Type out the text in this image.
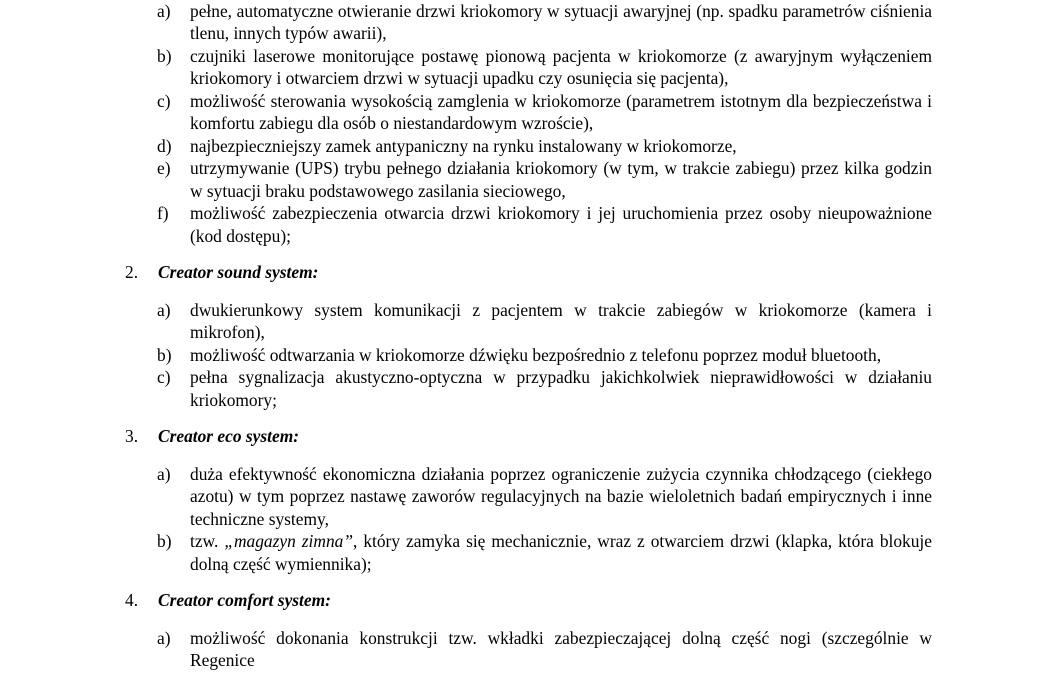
a)	pełne, automatyczne otwieranie drzwi kriokomory w sytuacji awaryjnej (np. spadku parametrów ciśnienia tlenu, innych typów awarii),
b)	czujniki laserowe monitorujące postawę pionową pacjenta w kriokomorze (z awaryjnym wyłączeniem kriokomory i otwarciem drzwi w sytuacji upadku czy osunięcia się pacjenta),
c)	możliwość sterowania wysokością zamglenia w kriokomorze (parametrem istotnym dla bezpieczeństwa i komfortu zabiegu dla osób o niestandardowym wzroście),
d)	najbezpieczniejszy zamek antypaniczny na rynku instalowany w kriokomorze,
e)	utrzymywanie (UPS) trybu pełnego działania kriokomory (w tym, w trakcie zabiegu) przez kilka godzin w sytuacji braku podstawowego zasilania sieciowego,
f)	możliwość zabezpieczenia otwarcia drzwi kriokomory i jej uruchomienia przez osoby nieupoważnione (kod dostępu);
2. Creator sound system:
a)	dwukierunkowy system komunikacji z pacjentem w trakcie zabiegów w kriokomorze (kamera i mikrofon),
b)	możliwość odtwarzania w kriokomorze dźwięku bezpośrednio z telefonu poprzez moduł bluetooth,
c)	pełna sygnalizacja akustyczno-optyczna w przypadku jakichkolwiek nieprawidłowości w działaniu kriokomory;
3. Creator eco system:
a)	duża efektywność ekonomiczna działania poprzez ograniczenie zużycia czynnika chłodzącego (ciekłego azotu) w tym poprzez nastawę zaworów regulacyjnych na bazie wieloletnich badań empirycznych i inne techniczne systemy,
b)	tzw. „magazyn zimna”, który zamyka się mechanicznie, wraz z otwarciem drzwi (klapka, która blokuje dolną część wymiennika);
4. Creator comfort system:
a)	możliwość dokonania konstrukcji tzw. wkładki zabezpieczającej dolną część nogi (szczególnie w Regenice
